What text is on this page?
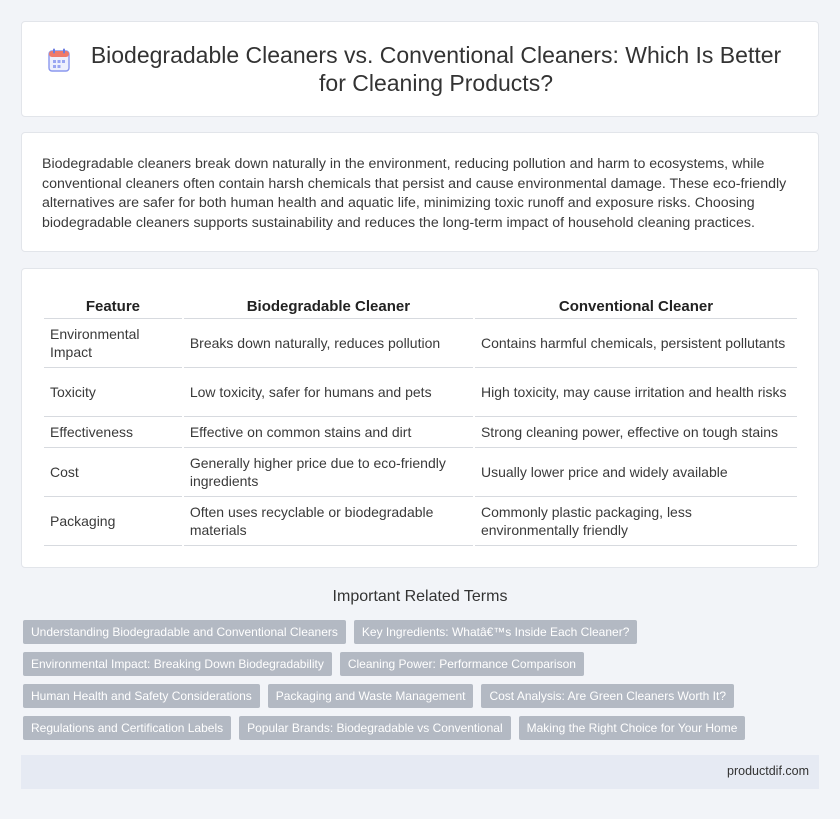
Biodegradable Cleaners vs. Conventional Cleaners: Which Is Better for Cleaning Products?

Biodegradable cleaners break down naturally in the environment, reducing pollution and harm to ecosystems, while conventional cleaners often contain harsh chemicals that persist and cause environmental damage. These eco-friendly alternatives are safer for both human health and aquatic life, minimizing toxic runoff and exposure risks. Choosing biodegradable cleaners supports sustainability and reduces the long-term impact of household cleaning practices.

Feature	Biodegradable Cleaner	Conventional Cleaner
Environmental Impact	Breaks down naturally, reduces pollution	Contains harmful chemicals, persistent pollutants
Toxicity	Low toxicity, safer for humans and pets	High toxicity, may cause irritation and health risks
Effectiveness	Effective on common stains and dirt	Strong cleaning power, effective on tough stains
Cost	Generally higher price due to eco-friendly ingredients	Usually lower price and widely available
Packaging	Often uses recyclable or biodegradable materials	Commonly plastic packaging, less environmentally friendly
Important Related Terms
Understanding Biodegradable and Conventional Cleaners	Key Ingredients: Whatâ€™s Inside Each Cleaner?
Environmental Impact: Breaking Down Biodegradability	Cleaning Power: Performance Comparison
Human Health and Safety Considerations	Packaging and Waste Management	Cost Analysis: Are Green Cleaners Worth It?
Regulations and Certification Labels	Popular Brands: Biodegradable vs Conventional	Making the Right Choice for Your Home
productdif.com
